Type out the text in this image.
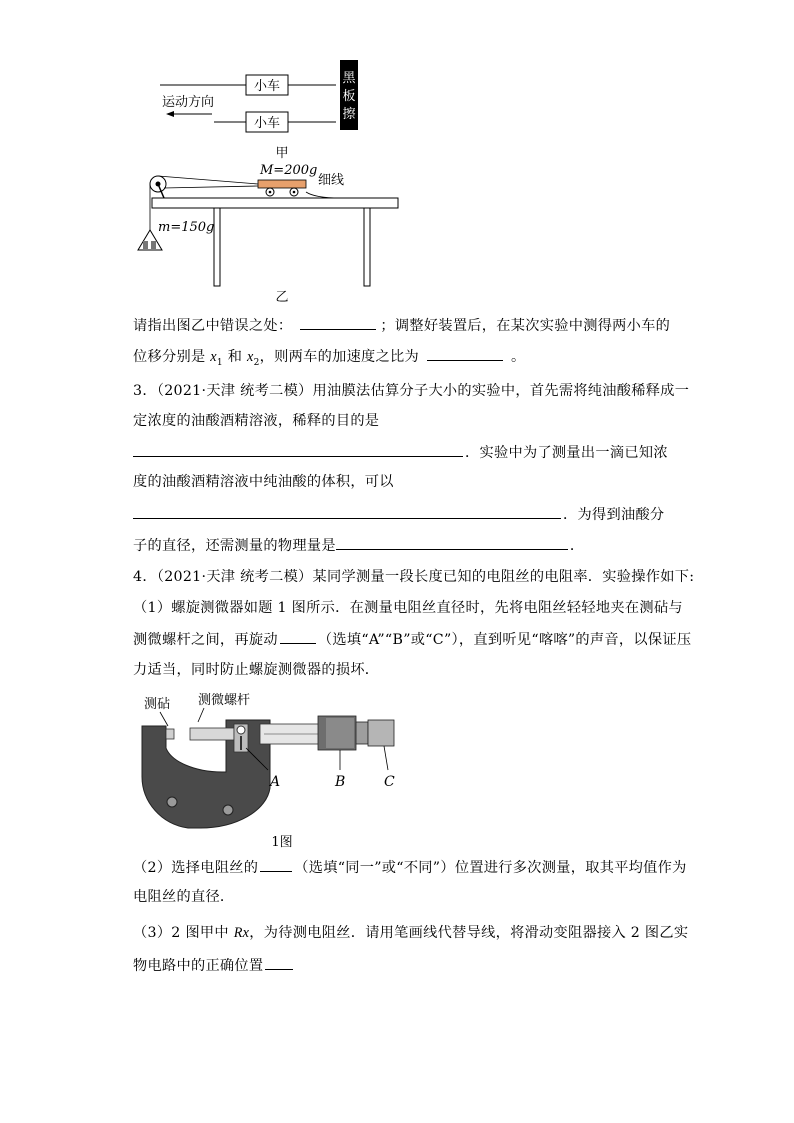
小车
小车
黑
板
擦
运动方向
甲
M=200g
细线
m=150g
乙
请指出图乙中错误之处：	；调整好装置后，在某次实验中测得两小车的
位移分别是 $x_1$ 和 $x_2$，则两车的加速度之比为	。
3．（2021·天津 统考二模）用油膜法估算分子大小的实验中，首先需将纯油酸稀释成一
定浓度的油酸酒精溶液，稀释的目的是
．实验中为了测量出一滴已知浓
度的油酸酒精溶液中纯油酸的体积，可以
．为得到油酸分
子的直径，还需测量的物理量是	．
4．（2021·天津 统考二模）某同学测量一段长度已知的电阻丝的电阻率．实验操作如下:
（1）螺旋测微器如题 1 图所示．在测量电阻丝直径时，先将电阻丝轻轻地夹在测砧与
测微螺杆之间，再旋动	（选填“A”“B”或“C”），直到听见“喀喀”的声音，以保证压
力适当，同时防止螺旋测微器的损坏．
测砧 测微螺杆
A	B	C
1图
（2）选择电阻丝的	（选填“同一”或“不同”）位置进行多次测量，取其平均值作为
电阻丝的直径．
（3）2 图甲中 Rx，为待测电阻丝．请用笔画线代替导线，将滑动变阻器接入 2 图乙实
物电路中的正确位置
